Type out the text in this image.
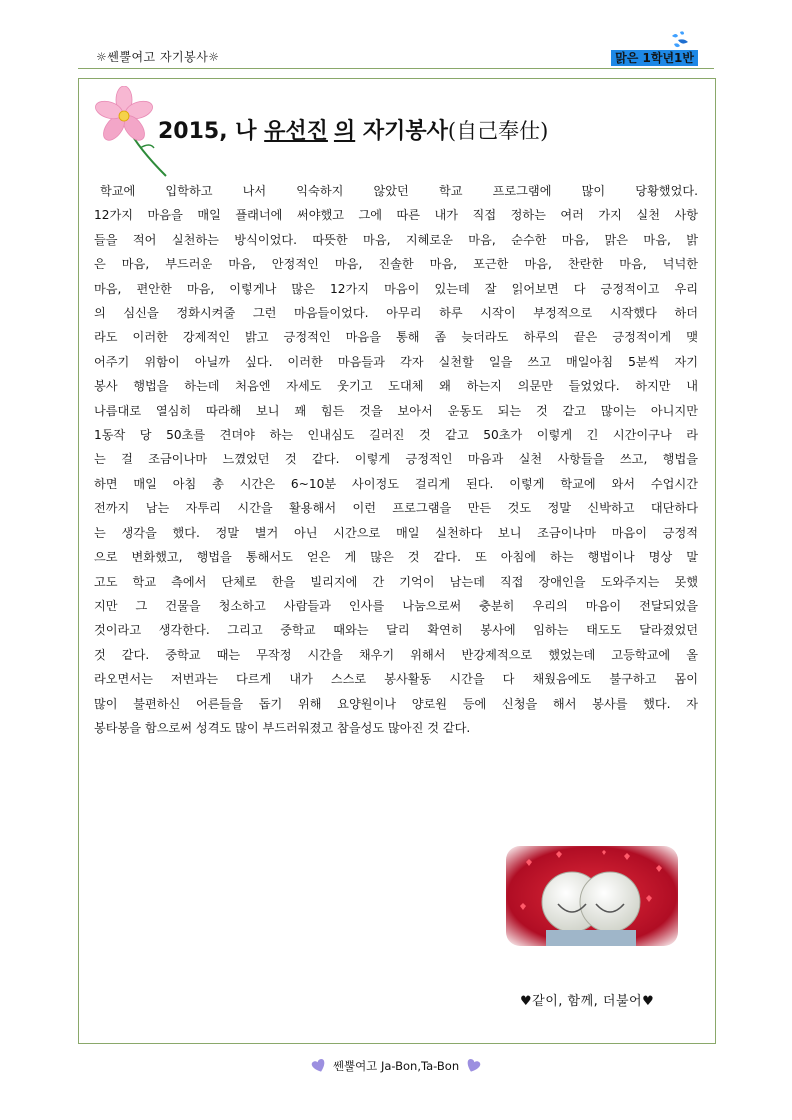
☼쎈뿔여고 자기봉사☼	맑은 1학년1반
2015, 나 유선진 의 자기봉사(自己奉仕)
학교에 입학하고 나서 익숙하지 않았던 학교 프로그램에 많이 당황했었다.
12가지 마음을 매일 플래너에 써야했고 그에 따른 내가 직접 정하는 여러 가지 실천 사항
들을 적어 실천하는 방식이었다. 따뜻한 마음, 지혜로운 마음, 순수한 마음, 맑은 마음, 밝
은 마음, 부드러운 마음, 안정적인 마음, 진솔한 마음, 포근한 마음, 찬란한 마음, 넉넉한
마음, 편안한 마음, 이렇게나 많은 12가지 마음이 있는데 잘 읽어보면 다 긍정적이고 우리
의 심신을 정화시켜줄 그런 마음들이었다. 아무리 하루 시작이 부정적으로 시작했다 하더
라도 이러한 강제적인 밝고 긍정적인 마음을 통해 좀 늦더라도 하루의 끝은 긍정적이게 맺
어주기 위함이 아닐까 싶다. 이러한 마음들과 각자 실천할 일을 쓰고 매일아침 5분씩 자기
봉사 행법을 하는데 처음엔 자세도 웃기고 도대체 왜 하는지 의문만 들었었다. 하지만 내
나름대로 열심히 따라해 보니 꽤 힘든 것을 보아서 운동도 되는 것 같고 많이는 아니지만
1동작 당 50초를 견뎌야 하는 인내심도 길러진 것 같고 50초가 이렇게 긴 시간이구나 라
는 걸 조금이나마 느꼈었던 것 같다. 이렇게 긍정적인 마음과 실천 사항들을 쓰고, 행법을
하면 매일 아침 총 시간은 6~10분 사이정도 걸리게 된다. 이렇게 학교에 와서 수업시간
전까지 남는 자투리 시간을 활용해서 이런 프로그램을 만든 것도 정말 신박하고 대단하다
는 생각을 했다. 정말 별거 아닌 시간으로 매일 실천하다 보니 조금이나마 마음이 긍정적
으로 변화했고, 행법을 통해서도 얻은 게 많은 것 같다. 또 아침에 하는 행법이나 명상 말
고도 학교 측에서 단체로 한을 빌리지에 간 기억이 남는데 직접 장애인을 도와주지는 못했
지만 그 건물을 청소하고 사람들과 인사를 나눔으로써 충분히 우리의 마음이 전달되었을
것이라고 생각한다. 그리고 중학교 때와는 달리 확연히 봉사에 임하는 태도도 달라졌었던
것 같다. 중학교 때는 무작정 시간을 채우기 위해서 반강제적으로 했었는데 고등학교에 올
라오면서는 저번과는 다르게 내가 스스로 봉사활동 시간을 다 채웠음에도 불구하고 몸이
많이 불편하신 어른들을 돕기 위해 요양원이나 양로원 등에 신청을 해서 봉사를 했다. 자
봉타봉을 함으로써 성격도 많이 부드러워졌고 참을성도 많아진 것 같다.
♥같이, 함께, 더불어♥
쎈뿔여고 Ja-Bon,Ta-Bon
